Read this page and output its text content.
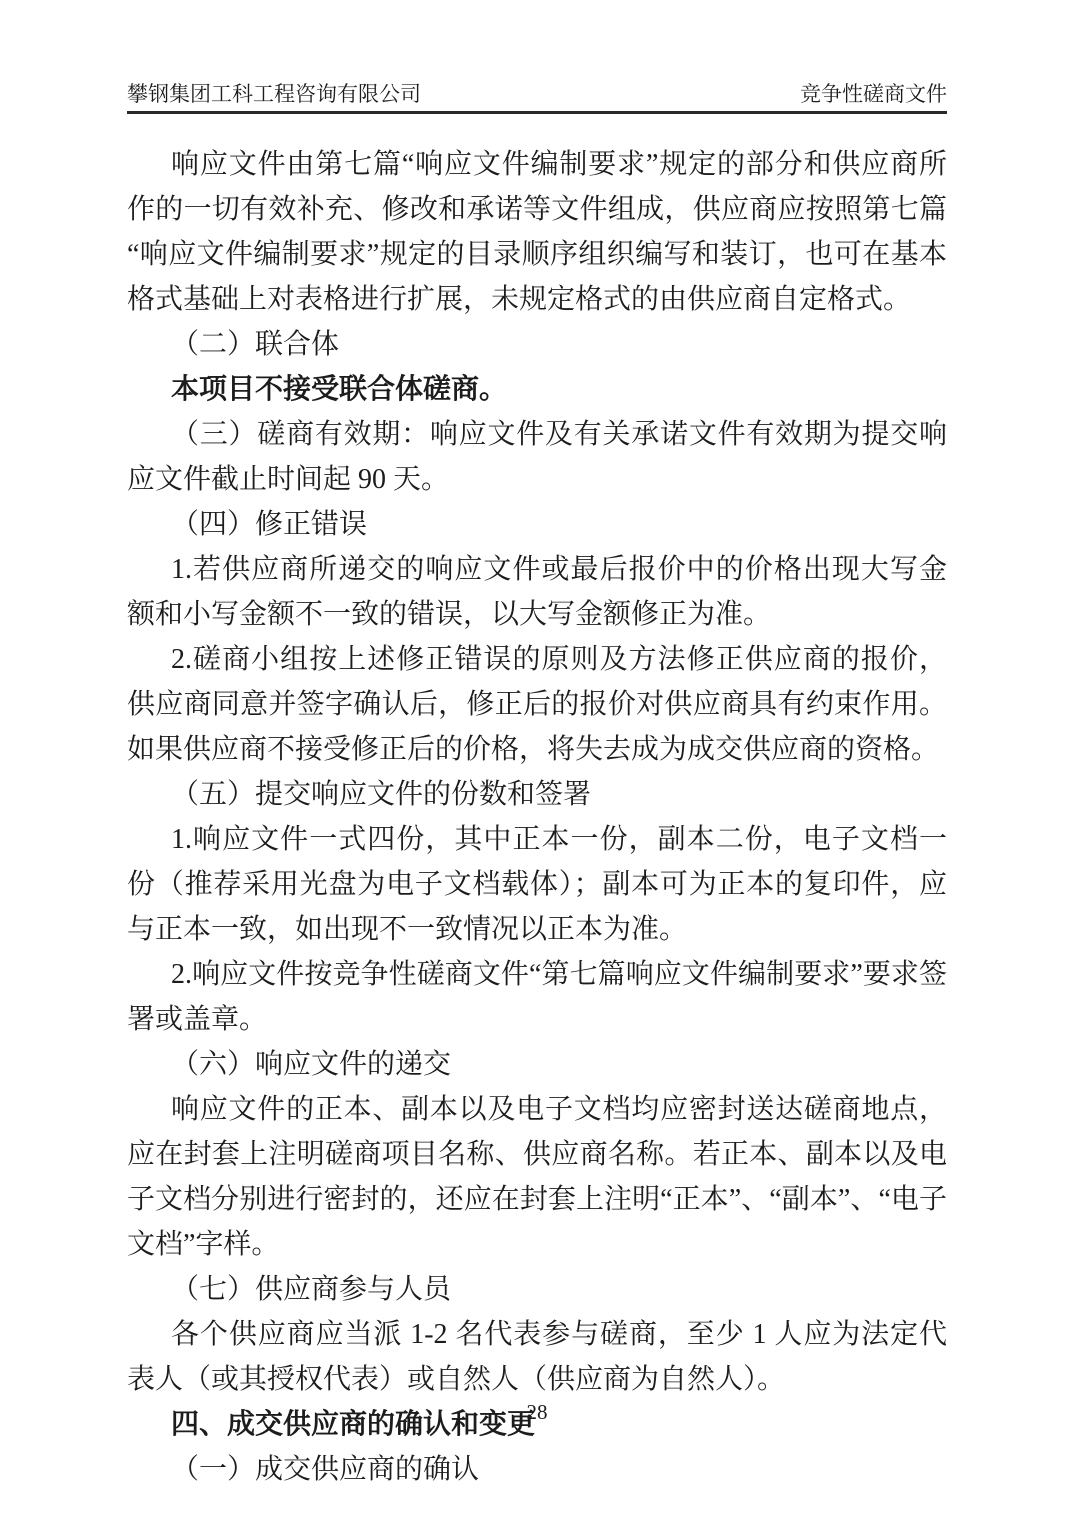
攀钢集团工科工程咨询有限公司	竞争性磋商文件

响应文件由第七篇“响应文件编制要求”规定的部分和供应商所作的一切有效补充、修改和承诺等文件组成，供应商应按照第七篇“响应文件编制要求”规定的目录顺序组织编写和装订，也可在基本格式基础上对表格进行扩展，未规定格式的由供应商自定格式。

（二）联合体

本项目不接受联合体磋商。

（三）磋商有效期：响应文件及有关承诺文件有效期为提交响应文件截止时间起 90 天。

（四）修正错误

1.若供应商所递交的响应文件或最后报价中的价格出现大写金额和小写金额不一致的错误，以大写金额修正为准。

2.磋商小组按上述修正错误的原则及方法修正供应商的报价，供应商同意并签字确认后，修正后的报价对供应商具有约束作用。如果供应商不接受修正后的价格，将失去成为成交供应商的资格。

（五）提交响应文件的份数和签署

1.响应文件一式四份，其中正本一份，副本二份，电子文档一份（推荐采用光盘为电子文档载体）；副本可为正本的复印件，应与正本一致，如出现不一致情况以正本为准。

2.响应文件按竞争性磋商文件“第七篇响应文件编制要求”要求签署或盖章。

（六）响应文件的递交

响应文件的正本、副本以及电子文档均应密封送达磋商地点，应在封套上注明磋商项目名称、供应商名称。若正本、副本以及电子文档分别进行密封的，还应在封套上注明“正本”、“副本”、“电子文档”字样。

（七）供应商参与人员

各个供应商应当派 1-2 名代表参与磋商，至少 1 人应为法定代表人（或其授权代表）或自然人（供应商为自然人）。

四、成交供应商的确认和变更

（一）成交供应商的确认

28
